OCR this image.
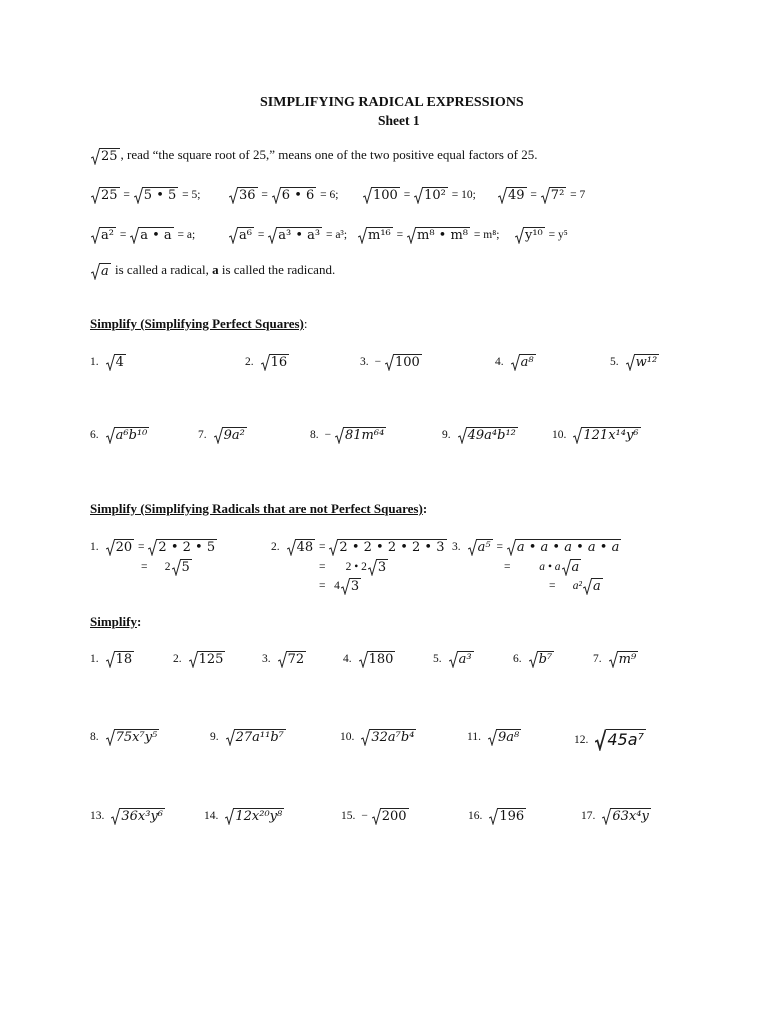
SIMPLIFYING RADICAL EXPRESSIONS
Sheet 1
25 , read “the square root of 25,” means one of the two positive equal factors of 25.
25 = 5 • 5 = 5;	36 = 6 • 6 = 6;	100 = 10² = 10; 49 = 7² = 7
a² = a • a = a;	a⁶ = a³ • a³ = a³; m¹⁶ = m⁸ • m⁸ = m⁸; y¹⁰ = y⁵
a is called a radical, a is called the radicand.
Simplify (Simplifying Perfect Squares):
1. 4	2. 16	3. − 100	4. a⁸	5. w¹²
6. a⁶b¹⁰	7. 9a²	8. − 81m⁶⁴	9. 49a⁴b¹²	10. 121x¹⁴y⁶
Simplify (Simplifying Radicals that are not Perfect Squares):
1. 20 = 2 • 2 • 5
= 2 5
2. 48 = 2 • 2 • 2 • 2 • 3
= 2 • 2 3
= 4 3
3. a⁵ = a • a • a • a • a
=	a • a a
= a² a
Simplify:
1. 18	2. 125	3. 72	4. 180	5. a³	6. b⁷	7. m⁹
8. 75x⁷y⁵	9. 27a¹¹b⁷	10. 32a⁷b⁴	11. 9a⁸	12. 45a⁷
13. 36x³y⁶	14. 12x²⁰y⁸	15. − 200	16. 196	17. 63x⁴y
